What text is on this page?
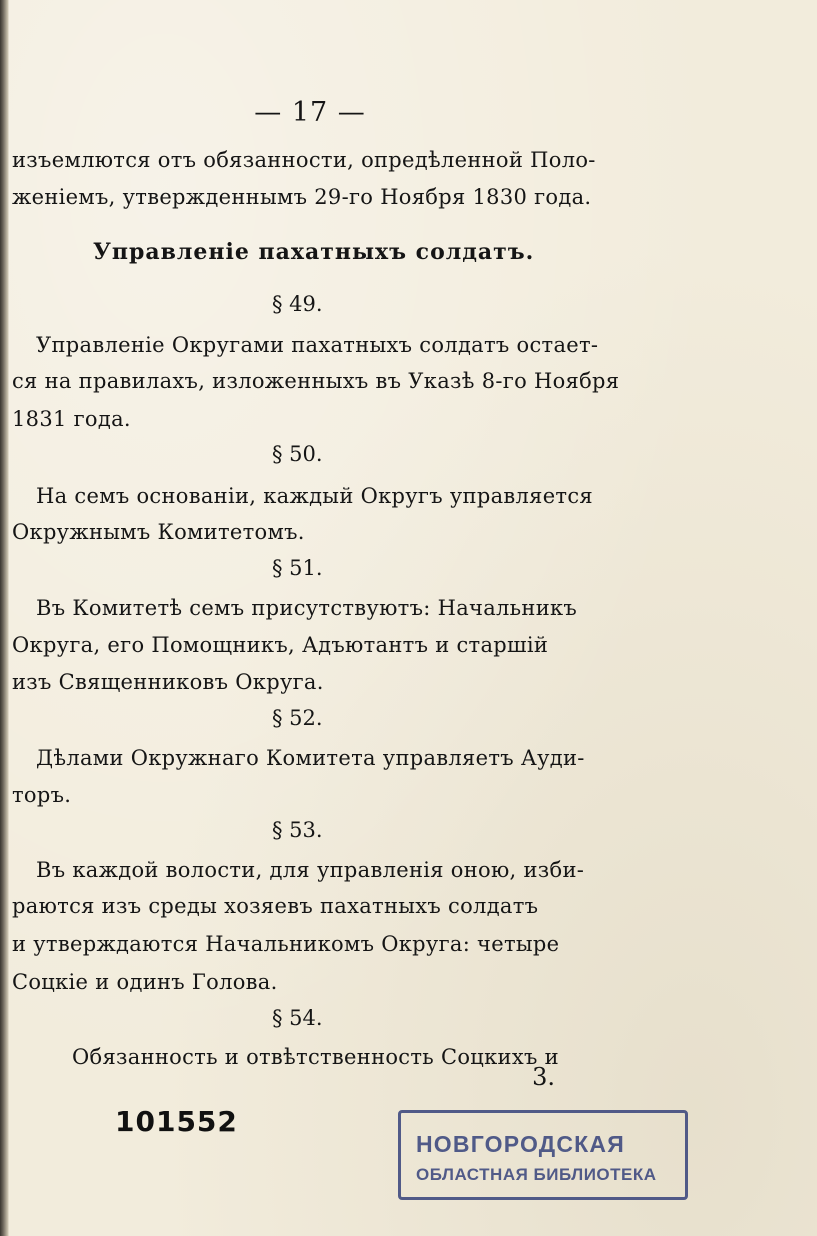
— 17 —
изъемлются отъ обязанности, опредѣленной Поло-
женіемъ, утвержденнымъ 29-го Ноября 1830 года.
Управленіе пахатныхъ солдатъ.
§ 49.
Управленіе Округами пахатныхъ солдатъ остает-
ся на правилахъ, изложенныхъ въ Указѣ 8-го Ноября
1831 года.
§ 50.
На семъ основаніи, каждый Округъ управляется
Окружнымъ Комитетомъ.
§ 51.
Въ Комитетѣ семъ присутствуютъ: Начальникъ
Округа, его Помощникъ, Адъютантъ и старшій
изъ Священниковъ Округа.
§ 52.
Дѣлами Окружнаго Комитета управляетъ Ауди-
торъ.
§ 53.
Въ каждой волости, для управленія оною, изби-
раются изъ среды хозяевъ пахатныхъ солдатъ
и утверждаются Начальникомъ Округа: четыре
Соцкіе и одинъ Голова.
§ 54.
Обязанность и отвѣтственность Соцкихъ и
3.
101552
НОВГОРОДСКАЯ
ОБЛАСТНАЯ БИБЛИОТЕКА
